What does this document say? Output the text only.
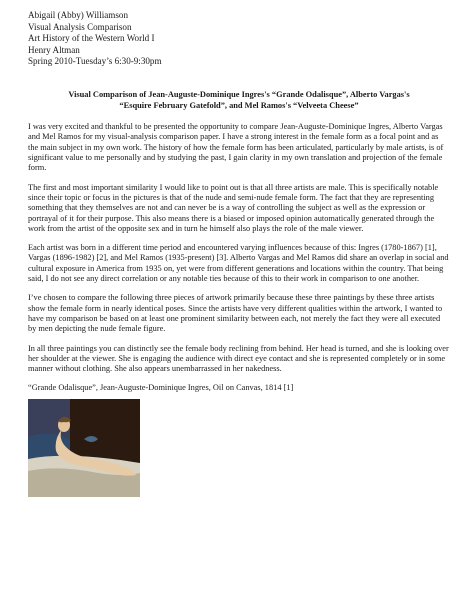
Abigail (Abby) Williamson
Visual Analysis Comparison
Art History of the Western World I
Henry Altman
Spring 2010-Tuesday’s 6:30-9:30pm
Visual Comparison of Jean-Auguste-Dominique Ingres's “Grande Odalisque”, Alberto Vargas's
“Esquire February Gatefold”, and Mel Ramos's “Velveeta Cheese”

I was very excited and thankful to be presented the opportunity to compare Jean-Auguste-Dominique Ingres, Alberto Vargas and Mel Ramos for my visual-analysis comparison paper. I have a strong interest in the female form as a focal point and as the main subject in my own work. The history of how the female form has been articulated, particularly by male artists, is of significant value to me personally and by studying the past, I gain clarity in my own translation and projection of the female form.

The first and most important similarity I would like to point out is that all three artists are male. This is specifically notable since their topic or focus in the pictures is that of the nude and semi-nude female form. The fact that they are representing something that they themselves are not and can never be is a way of controlling the subject as well as the expression or portrayal of it for their purpose. This also means there is a biased or imposed opinion automatically generated through the work from the artist of the opposite sex and in turn he himself also plays the role of the male viewer.

Each artist was born in a different time period and encountered varying influences because of this: Ingres (1780-1867) [1], Vargas (1896-1982) [2], and Mel Ramos (1935-present) [3]. Alberto Vargas and Mel Ramos did share an overlap in social and cultural exposure in America from 1935 on, yet were from different generations and locations within the country. That being said, I do not see any direct correlation or any notable ties because of this to their work in comparison to one another.

I’ve chosen to compare the following three pieces of artwork primarily because these three paintings by these three artists show the female form in nearly identical poses. Since the artists have very different qualities within the artwork, I wanted to have my comparison be based on at least one prominent similarity between each, not merely the fact they were all executed by men depicting the nude female figure.

In all three paintings you can distinctly see the female body reclining from behind. Her head is turned, and she is looking over her shoulder at the viewer. She is engaging the audience with direct eye contact and she is represented completely or in some manner without clothing. She also appears unembarrassed in her nakedness.

“Grande Odalisque”, Jean-Auguste-Dominique Ingres, Oil on Canvas, 1814 [1]
